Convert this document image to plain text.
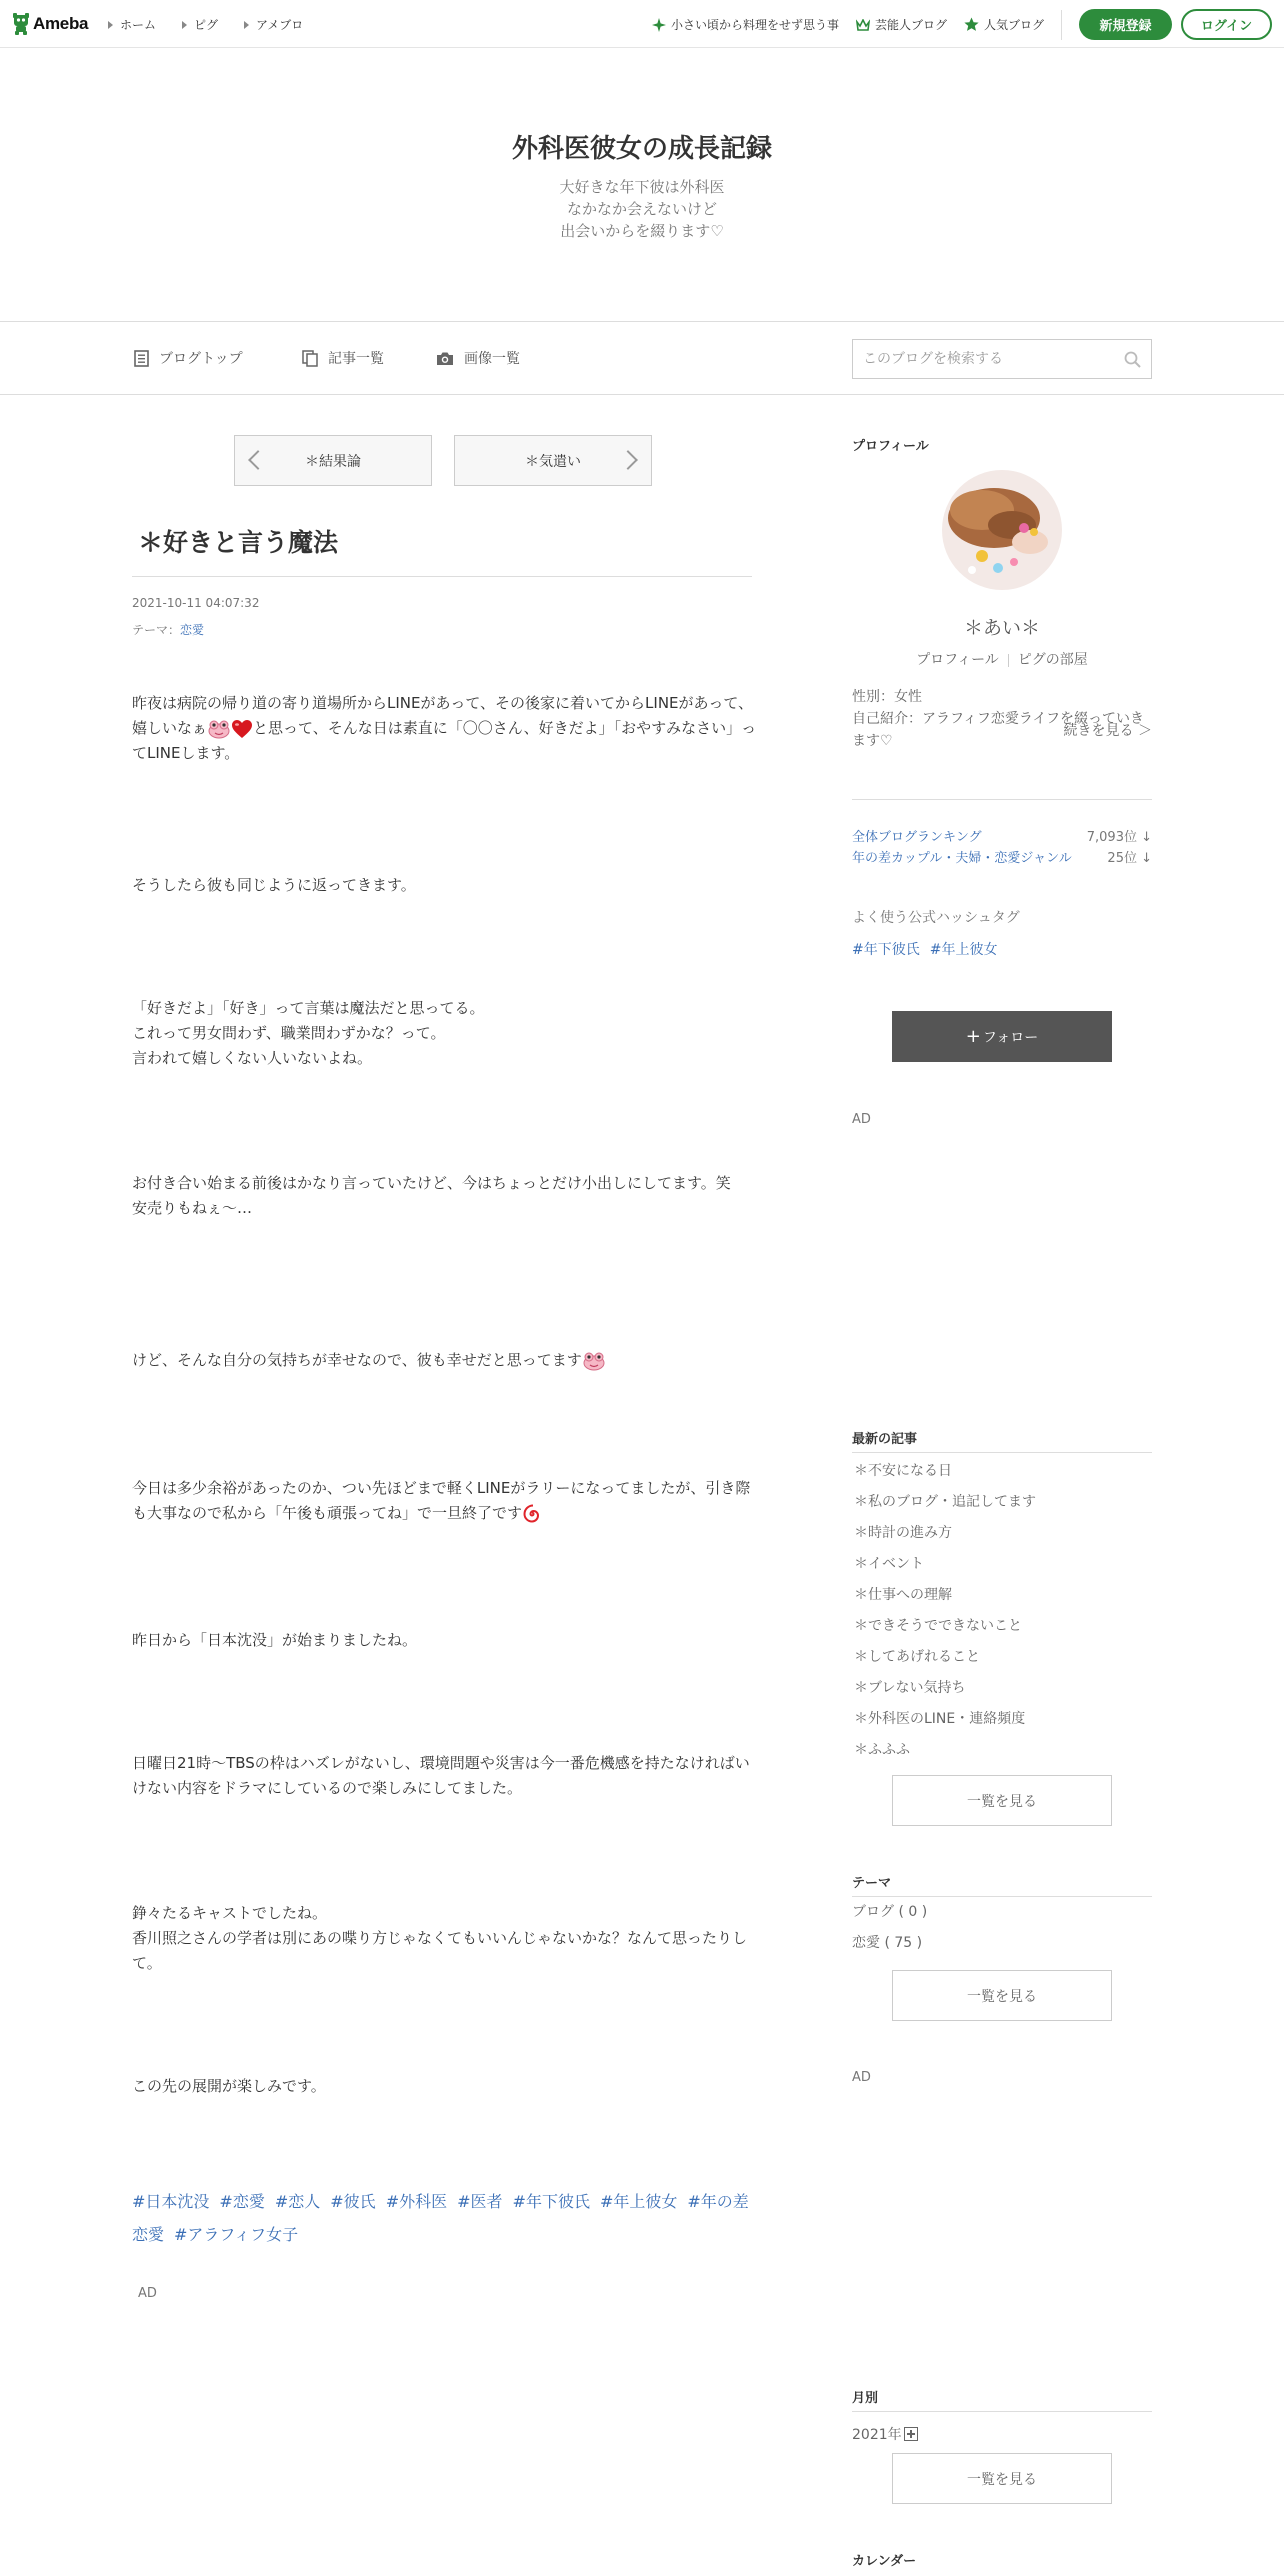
Ameba	ホーム	ピグ	アメブロ	小さい頃から料理をせず思う事	芸能人ブログ	人気ブログ	新規登録	ログイン
外科医彼女の成長記録
大好きな年下彼は外科医
なかなか会えないけど
出会いからを綴ります♡
ブログトップ	記事一覧	画像一覧
このブログを検索する
＊結果論	＊気遣い
＊好きと言う魔法
2021-10-11 04:07:32
テーマ：恋愛
昨夜は病院の帰り道の寄り道場所からLINEがあって、その後家に着いてからLINEがあって、嬉しいなぁ	と思って、そんな日は素直に「〇〇さん、好きだよ」「おやすみなさい」ってLINEします。
そうしたら彼も同じように返ってきます。
「好きだよ」「好き」って言葉は魔法だと思ってる。
これって男女問わず、職業問わずかな？って。
言われて嬉しくない人いないよね。
お付き合い始まる前後はかなり言っていたけど、今はちょっとだけ小出しにしてます。笑
安売りもねぇ〜…
けど、そんな自分の気持ちが幸せなので、彼も幸せだと思ってます
今日は多少余裕があったのか、つい先ほどまで軽くLINEがラリーになってましたが、引き際も大事なので私から「午後も頑張ってね」で一旦終了です
昨日から「日本沈没」が始まりましたね。
日曜日21時〜TBSの枠はハズレがないし、環境問題や災害は今一番危機感を持たなければいけない内容をドラマにしているので楽しみにしてました。
錚々たるキャストでしたね。
香川照之さんの学者は別にあの喋り方じゃなくてもいいんじゃないかな？なんて思ったりして。
この先の展開が楽しみです。
#日本沈没 #恋愛 #恋人 #彼氏 #外科医 #医者 #年下彼氏 #年上彼女 #年の差恋愛 #アラフィフ女子
AD
プロフィール
＊あい＊
プロフィール ピグの部屋
性別：女性
自己紹介：アラフィフ恋愛ライフを綴っていきます♡
続きを見る ＞
全体ブログランキング	7,093位 ↓
年の差カップル・夫婦・恋愛ジャンル	25位 ↓
よく使う公式ハッシュタグ
#年下彼氏 #年上彼女
+ フォロー
AD
最新の記事
＊不安になる日
＊私のブログ・追記してます
＊時計の進み方
＊イベント
＊仕事への理解
＊できそうでできないこと
＊してあげれること
＊ブレない気持ち
＊外科医のLINE・連絡頻度
＊ふふふ
一覧を見る
テーマ
ブログ ( 0 )
恋愛 ( 75 )
一覧を見る
AD
月別
2021年
一覧を見る
カレンダー
